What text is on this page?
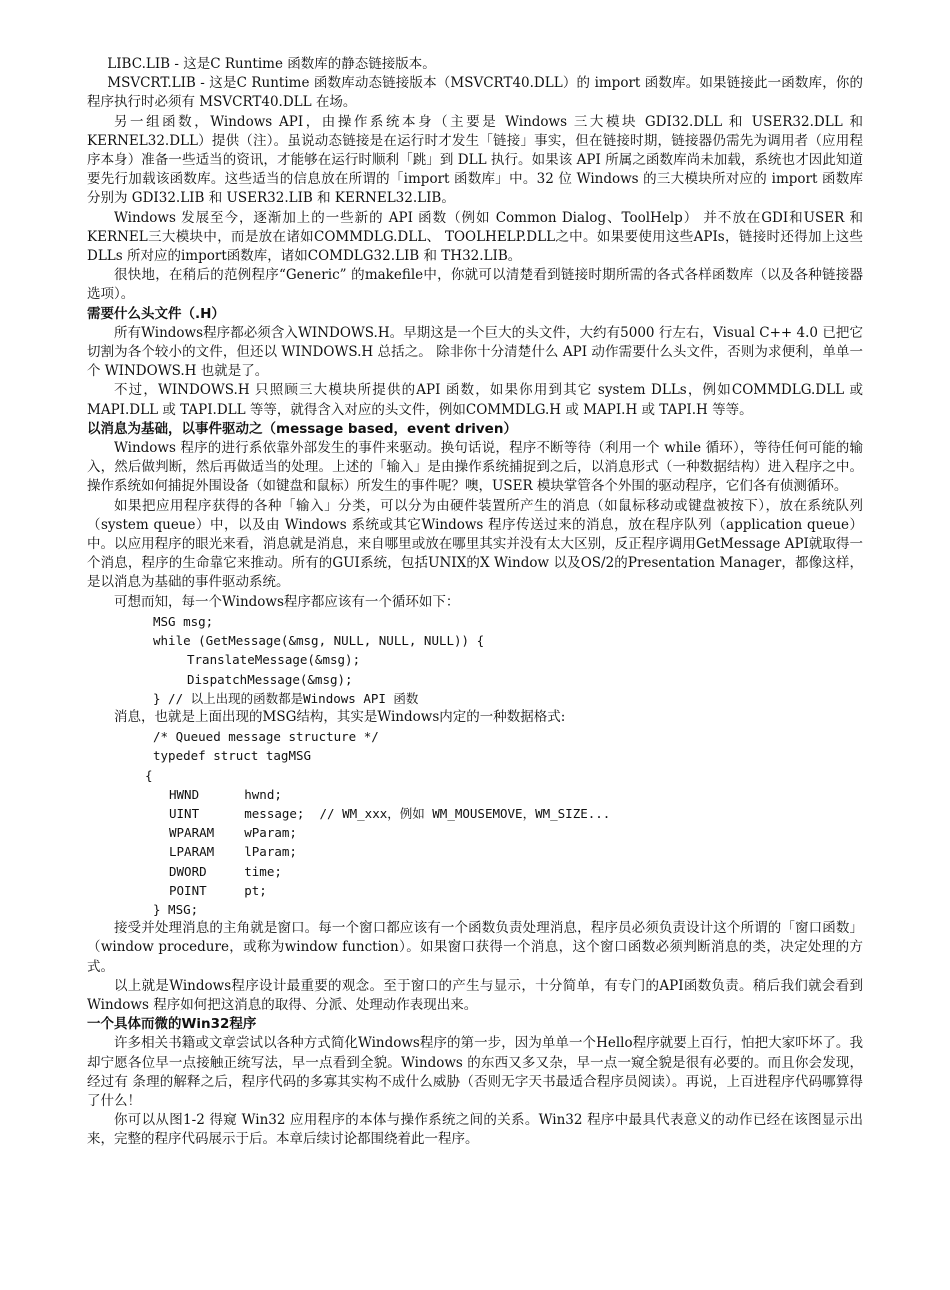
LIBC.LIB - 这是C Runtime 函数库的静态链接版本。
MSVCRT.LIB - 这是C Runtime 函数库动态链接版本（MSVCRT40.DLL）的 import 函数库。如果链接此一函数库，你的程序执行时必须有 MSVCRT40.DLL 在场。
另一组函数，Windows API，由操作系统本身（主要是 Windows 三大模块 GDI32.DLL 和 USER32.DLL 和 KERNEL32.DLL）提供（注）。虽说动态链接是在运行时才发生「链接」事实，但在链接时期，链接器仍需先为调用者（应用程序本身）准备一些适当的资讯，才能够在运行时顺利「跳」到 DLL 执行。如果该 API 所属之函数库尚未加载，系统也才因此知道要先行加载该函数库。这些适当的信息放在所谓的「import 函数库」中。32 位 Windows 的三大模块所对应的 import 函数库分别为 GDI32.LIB 和 USER32.LIB 和 KERNEL32.LIB。
Windows 发展至今，逐渐加上的一些新的 API 函数（例如 Common Dialog、ToolHelp） 并不放在GDI和USER 和KERNEL三大模块中，而是放在诸如COMMDLG.DLL、 TOOLHELP.DLL之中。如果要使用这些APIs，链接时还得加上这些DLLs 所对应的import函数库，诸如COMDLG32.LIB 和 TH32.LIB。
很快地，在稍后的范例程序“Generic” 的makefile中，你就可以清楚看到链接时期所需的各式各样函数库（以及各种链接器选项）。
需要什么头文件（.H）
所有Windows程序都必须含入WINDOWS.H。早期这是一个巨大的头文件，大约有5000 行左右，Visual C++ 4.0 已把它切割为各个较小的文件，但还以 WINDOWS.H 总括之。 除非你十分清楚什么 API 动作需要什么头文件，否则为求便利，单单一个 WINDOWS.H 也就是了。
不过，WINDOWS.H 只照顾三大模块所提供的API 函数，如果你用到其它 system DLLs，例如COMMDLG.DLL 或 MAPI.DLL 或 TAPI.DLL 等等，就得含入对应的头文件，例如COMMDLG.H 或 MAPI.H 或 TAPI.H 等等。
以消息为基础，以事件驱动之（message based，event driven）
Windows 程序的进行系依靠外部发生的事件来驱动。换句话说，程序不断等待（利用一个 while 循环），等待任何可能的输入，然后做判断，然后再做适当的处理。上述的「输入」是由操作系统捕捉到之后，以消息形式（一种数据结构）进入程序之中。操作系统如何捕捉外围设备（如键盘和鼠标）所发生的事件呢？噢，USER 模块掌管各个外围的驱动程序，它们各有侦测循环。
如果把应用程序获得的各种「输入」分类，可以分为由硬件装置所产生的消息（如鼠标移动或键盘被按下），放在系统队列（system queue）中，以及由 Windows 系统或其它Windows 程序传送过来的消息，放在程序队列（application queue）中。以应用程序的眼光来看，消息就是消息，来自哪里或放在哪里其实并没有太大区别，反正程序调用GetMessage API就取得一个消息，程序的生命靠它来推动。所有的GUI系统，包括UNIX的X Window 以及OS/2的Presentation Manager，都像这样，是以消息为基础的事件驱动系统。
可想而知，每一个Windows程序都应该有一个循环如下：
MSG msg;
while (GetMessage(&msg, NULL, NULL, NULL)) {
TranslateMessage(&msg);
DispatchMessage(&msg);
} // 以上出现的函数都是Windows API 函数
消息，也就是上面出现的MSG结构，其实是Windows内定的一种数据格式:
/* Queued message structure */
typedef struct tagMSG
{
HWND      hwnd;
UINT      message;  // WM_xxx，例如 WM_MOUSEMOVE，WM_SIZE...
WPARAM    wParam;
LPARAM    lParam;
DWORD     time;
POINT     pt;
} MSG;
接受并处理消息的主角就是窗口。每一个窗口都应该有一个函数负责处理消息，程序员必须负责设计这个所谓的「窗口函数」（window procedure，或称为window function）。如果窗口获得一个消息，这个窗口函数必须判断消息的类，决定处理的方式。
以上就是Windows程序设计最重要的观念。至于窗口的产生与显示，十分简单，有专门的API函数负责。稍后我们就会看到 Windows 程序如何把这消息的取得、分派、处理动作表现出来。
一个具体而微的Win32程序
许多相关书籍或文章尝试以各种方式简化Windows程序的第一步，因为单单一个Hello程序就要上百行，怕把大家吓坏了。我却宁愿各位早一点接触正统写法，早一点看到全貌。Windows 的东西又多又杂，早一点一窥全貌是很有必要的。而且你会发现，经过有 条理的解释之后，程序代码的多寡其实构不成什么威胁（否则无字天书最适合程序员阅读）。再说，上百进程序代码哪算得了什么！
你可以从图1-2 得窥 Win32 应用程序的本体与操作系统之间的关系。Win32 程序中最具代表意义的动作已经在该图显示出来，完整的程序代码展示于后。本章后续讨论都围绕着此一程序。
